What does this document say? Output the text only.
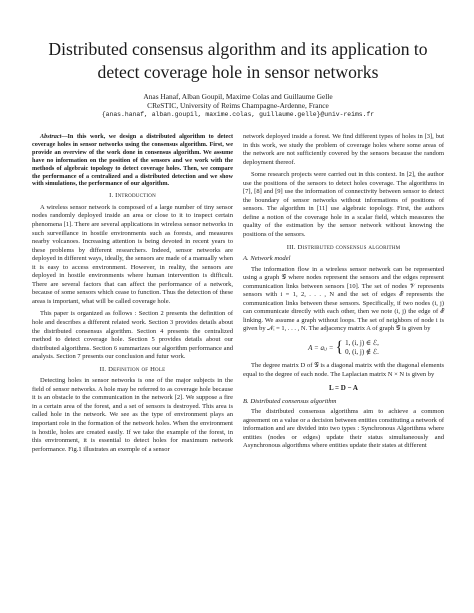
Distributed consensus algorithm and its application to detect coverage hole in sensor networks
Anas Hanaf, Alban Goupil, Maxime Colas and Guillaume Gelle
CReSTIC, University of Reims Champagne-Ardenne, France
{anas.hanaf, alban.goupil, maxime.colas, guillaume.gelle}@univ-reims.fr

Abstract—In this work, we design a distributed algorithm to detect coverage holes in sensor networks using the consensus algorithm. First, we provide an overview of the work done in consensus algorithm. We assume have no information on the position of the sensors and we work with the methods of algebraic topology to detect coverage holes. Then, we compare the performance of a centralized and a distributed detection and we show with simulations, the performance of our algorithm.

I. Introduction

A wireless sensor network is composed of a large number of tiny sensor nodes randomly deployed inside an area or close to it to inspect certain phenomena [1]. There are several applications in wireless sensor networks in such surveillance in hostile environments such as forests, and measures nearby volcanoes. Increasing attention is being devoted in recent years to these problems by different researchers. Indeed, sensor networks are deployed in different ways, ideally, the sensors are made of a manually when it is easy to access environment. However, in reality, the sensors are deployed in hostile environments where human intervention is difficult. There are several factors that can affect the performance of a network, because of some sensors which cease to function. Thus the detection of these areas is important, what will be called coverage hole.

This paper is organized as follows : Section 2 presents the definition of hole and describes a different related work. Section 3 provides details about the distributed consensus algorithm. Section 4 presents the centralized method to detect coverage hole. Section 5 provides details about our distributed algorithms. Section 6 summarizes our algorithm performance and analysis. Section 7 presents our conclusion and futur work.

II. Definition of Hole

Detecting holes in sensor networks is one of the major subjects in the field of sensor networks. A hole may be referred to as coverage hole because it is an obstacle to the communication in the network [2]. We suppose a fire in a certain area of the forest, and a set of sensors is destroyed. This area is called hole in the network. We see as the type of environment plays an important role in the formation of the network holes. When the environment is hostile, holes are created easily. If we take the example of the forest, in this environment, it is essential to detect holes for maximum network performance. Fig.1 illustrates an exemple of a sensor

network deployed inside a forest. We find different types of holes in [3], but in this work, we study the problem of coverage holes where some areas of the network are not sufficiently covered by the sensors because the random deployment thereof.

Some research projects were carried out in this context. In [2], the author use the positions of the sensors to detect holes coverage. The algorithms in [7], [8] and [9] use the information of connectivity between sensor to detect the boundary of sensor networks without informations of positions of sensors. The algorithm in [11] use algebraic topology. First, the authors define a notion of the coverage hole in a scalar field, which measures the quality of the estimation by the sensor network without knowing the positions of the sensors.

III. Distributed consensus algorithm
A. Network model

The information flow in a wireless sensor network can be represented using a graph 𝒢 where nodes represent the sensors and the edges represent communication links between sensors [10]. The set of nodes 𝒱 represents sensors with i = 1, 2, . . . , N and the set of edges ℰ represents the communication links between these sensors. Specifically, if two nodes (i, j) can communicate directly with each other, then we note (i, j) the edge of ℰ linking. We assume a graph without loops. The set of neighbors of node i is given by 𝒩ᵢ = 1, . . . , N. The adjacency matrix A of graph 𝒢 is given by

A = aᵢⱼ = { 1, (i, j) ∈ ℰ,
0, (i, j) ∉ ℰ.

The degree matrix D of 𝒢 is a diagonal matrix with the diagonal elements equal to the degree of each node. The Laplacian matrix N × N is given by

L = D − A
B. Distributed consensus algorithm

The distributed consensus algorithms aim to achieve a common agreement on a value or a decision between entities constituting a network of information and are divided into two types : Synchronous Algorithms where entities (nodes or edges) update their status simultaneously and Asynchronous algorithms where entities update their states at different
